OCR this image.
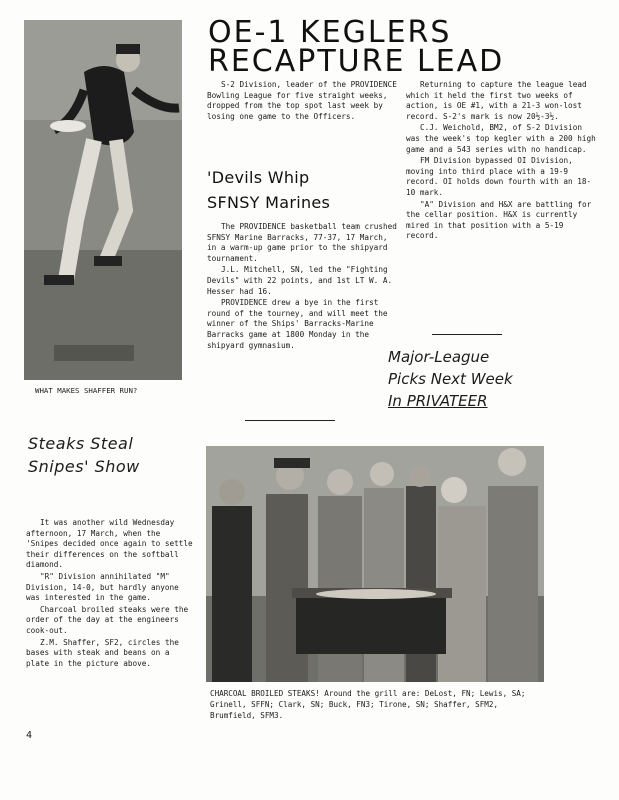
WHAT MAKES SHAFFER RUN?
OE-1 KEGLERS
RECAPTURE LEAD

S-2 Division, leader of the PROVIDENCE Bowling League for five straight weeks, dropped from the top spot last week by losing one game to the Officers.

'Devils Whip
SFNSY Marines

The PROVIDENCE basketball team crushed SFNSY Marine Barracks, 77-37, 17 March, in a warm-up game prior to the shipyard tournament.

J.L. Mitchell, SN, led the "Fighting Devils" with 22 points, and 1st LT W. A. Hesser had 16.

PROVIDENCE drew a bye in the first round of the tourney, and will meet the winner of the Ships' Barracks-Marine Barracks game at 1800 Monday in the shipyard gymnasium.

Returning to capture the league lead which it held the first two weeks of action, is OE #1, with a 21-3 won-lost record. S-2's mark is now 20½-3½.

C.J. Weichold, BM2, of S-2 Division was the week's top kegler with a 200 high game and a 543 series with no handicap.

FM Division bypassed OI Division, moving into third place with a 19-9 record. OI holds down fourth with an 18-10 mark.

"A" Division and H&X are battling for the cellar position. H&X is currently mired in that position with a 5-19 record.

Major-League
Picks Next Week
In PRIVATEER
Steaks Steal
Snipes' Show

It was another wild Wednesday afternoon, 17 March, when the 'Snipes decided once again to settle their differences on the softball diamond.

"R" Division annihilated "M" Division, 14-0, but hardly anyone was interested in the game.

Charcoal broiled steaks were the order of the day at the engineers cook-out.

Z.M. Shaffer, SF2, circles the bases with steak and beans on a plate in the picture above.

CHARCOAL BROILED STEAKS! Around the grill are: DeLost, FN; Lewis, SA; Grinell, SFFN; Clark, SN; Buck, FN3; Tirone, SN; Shaffer, SFM2, Brumfield, SFM3.
4
